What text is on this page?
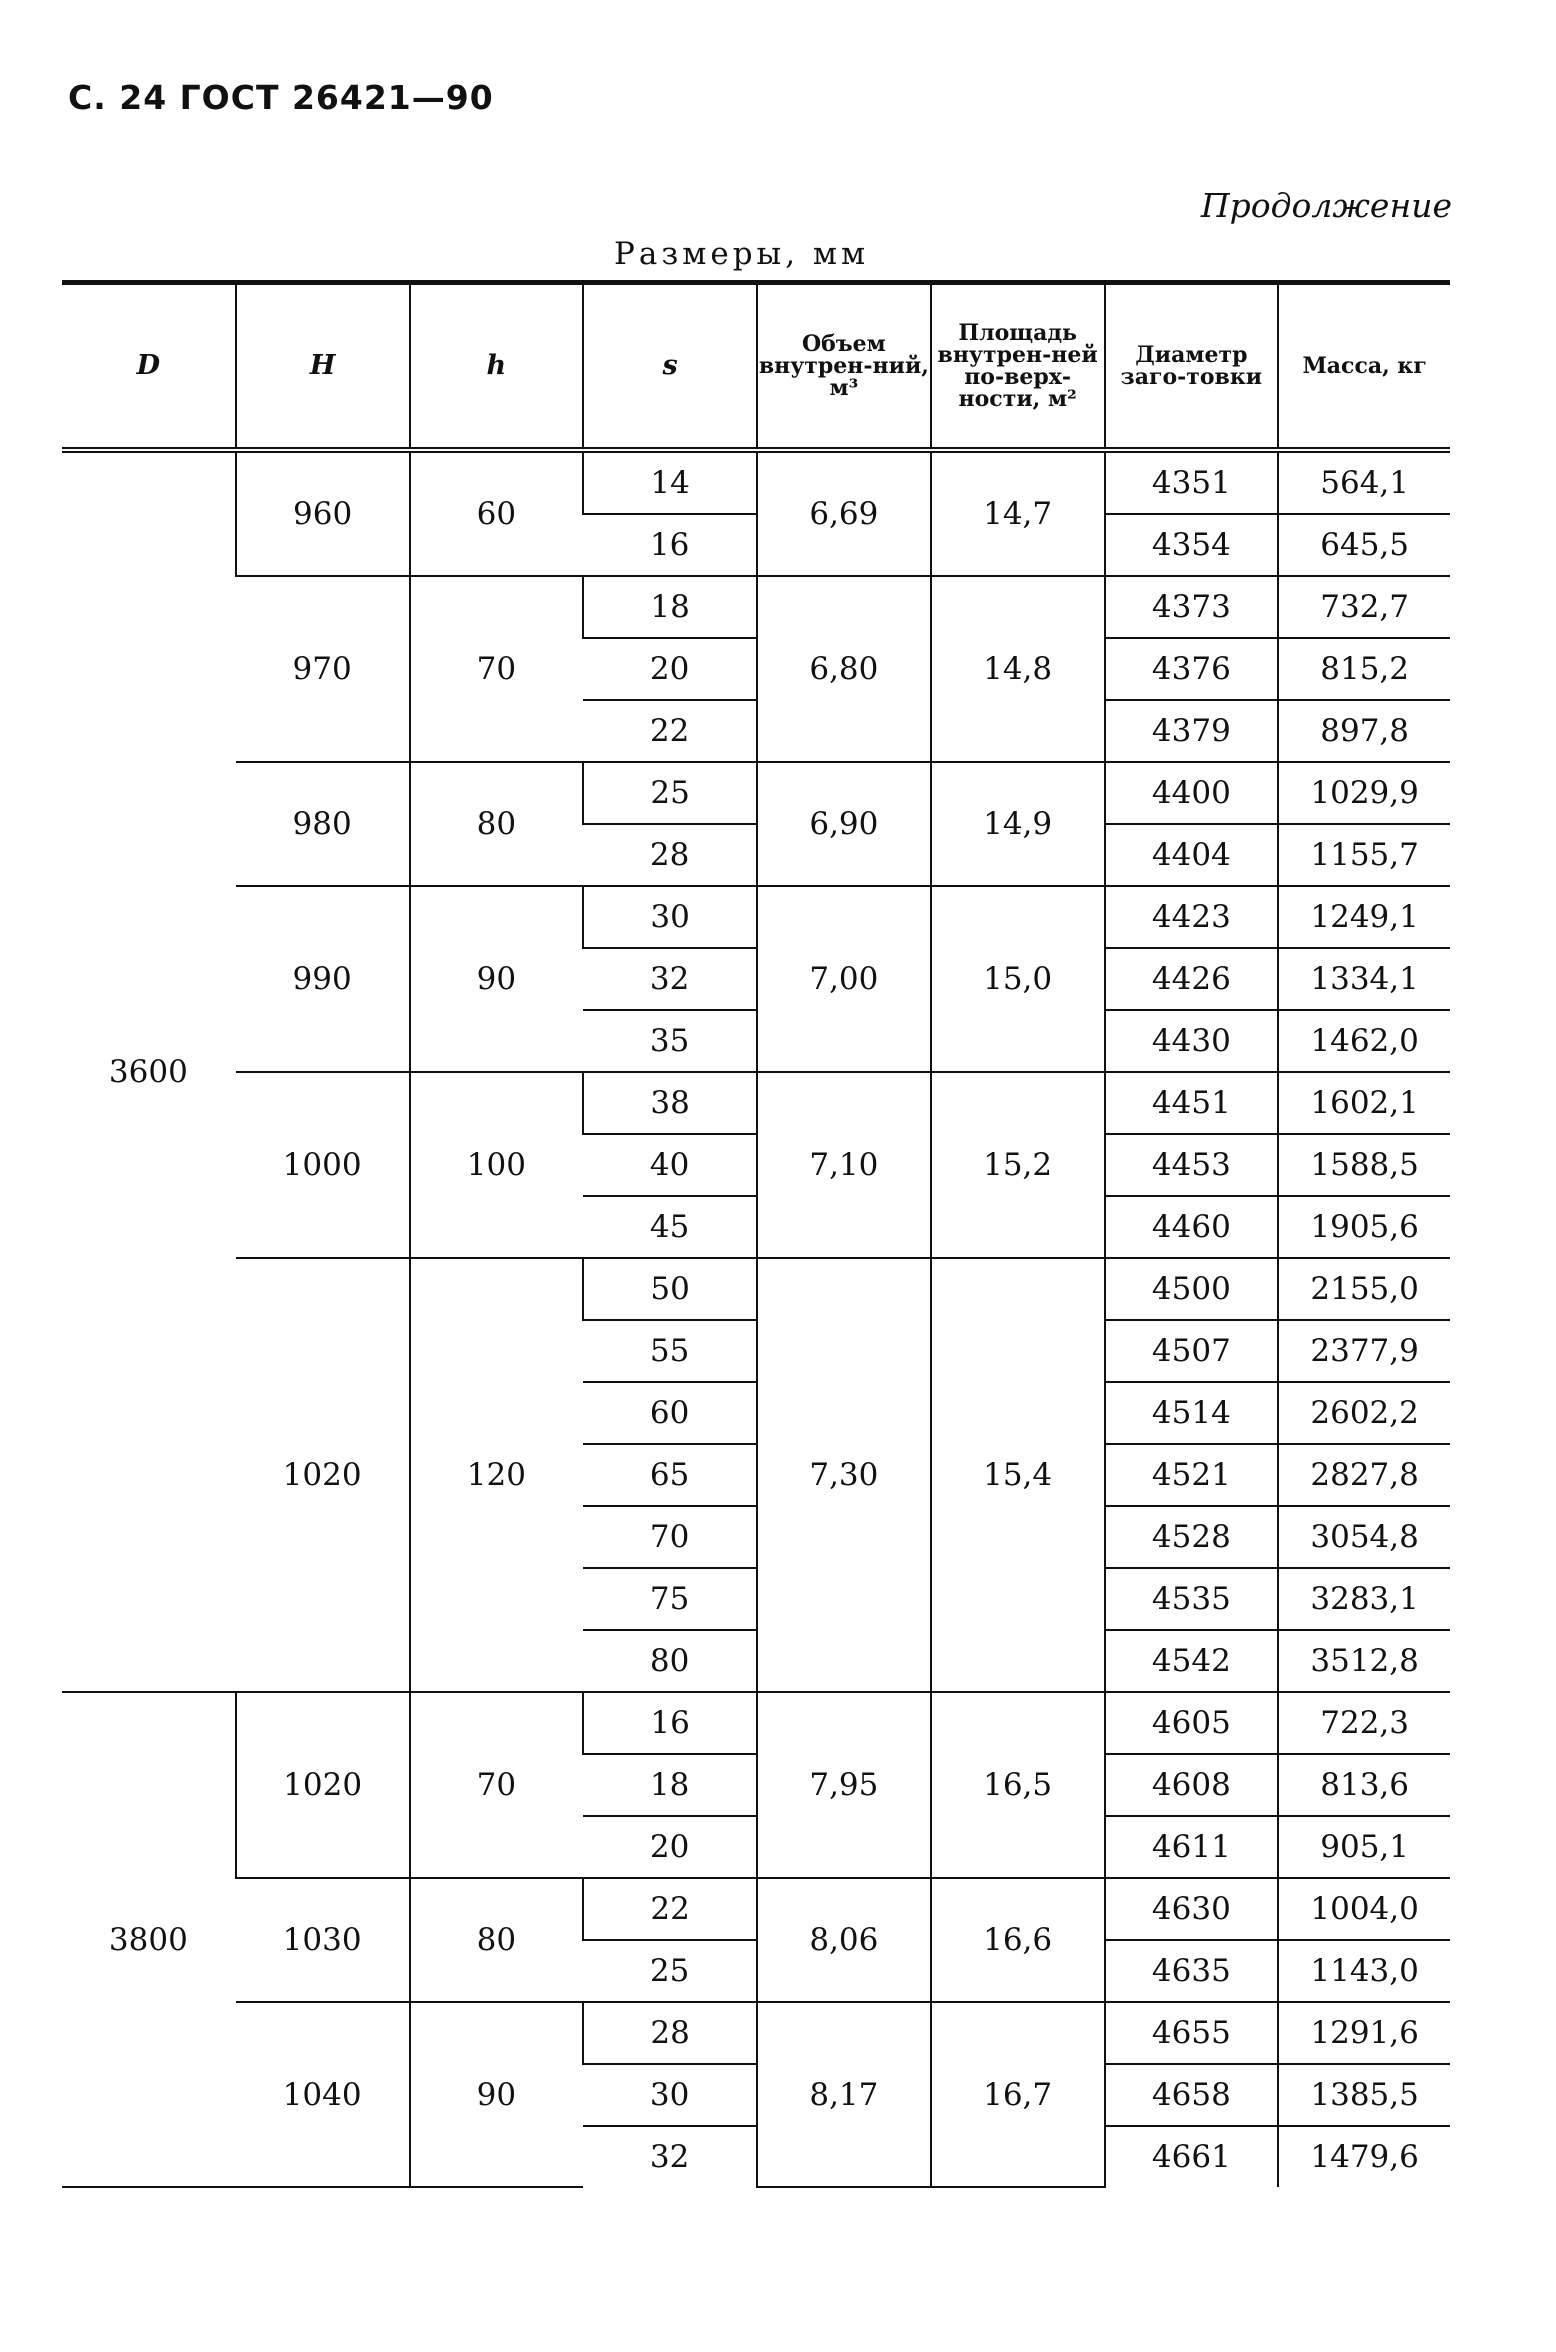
С. 24 ГОСТ 26421—90
Продолжение
Размеры, мм
D	H	h	s	Объем внутрен-ний, м³	Площадь внутрен-ней по-верх-ности, м²	Диаметр заго-товки	Масса, кг
3600	960	60	14	6,69	14,7	4351	564,1
			16			4354	645,5
	970	70	18	6,80	14,8	4373	732,7
			20			4376	815,2
			22			4379	897,8
	980	80	25	6,90	14,9	4400	1029,9
			28			4404	1155,7
	990	90	30	7,00	15,0	4423	1249,1
			32			4426	1334,1
			35			4430	1462,0
	1000	100	38	7,10	15,2	4451	1602,1
			40			4453	1588,5
			45			4460	1905,6
	1020	120	50	7,30	15,4	4500	2155,0
			55			4507	2377,9
			60			4514	2602,2
			65			4521	2827,8
			70			4528	3054,8
			75			4535	3283,1
			80			4542	3512,8
3800	1020	70	16	7,95	16,5	4605	722,3
			18			4608	813,6
			20			4611	905,1
	1030	80	22	8,06	16,6	4630	1004,0
			25			4635	1143,0
	1040	90	28	8,17	16,7	4655	1291,6
			30			4658	1385,5
			32			4661	1479,6
